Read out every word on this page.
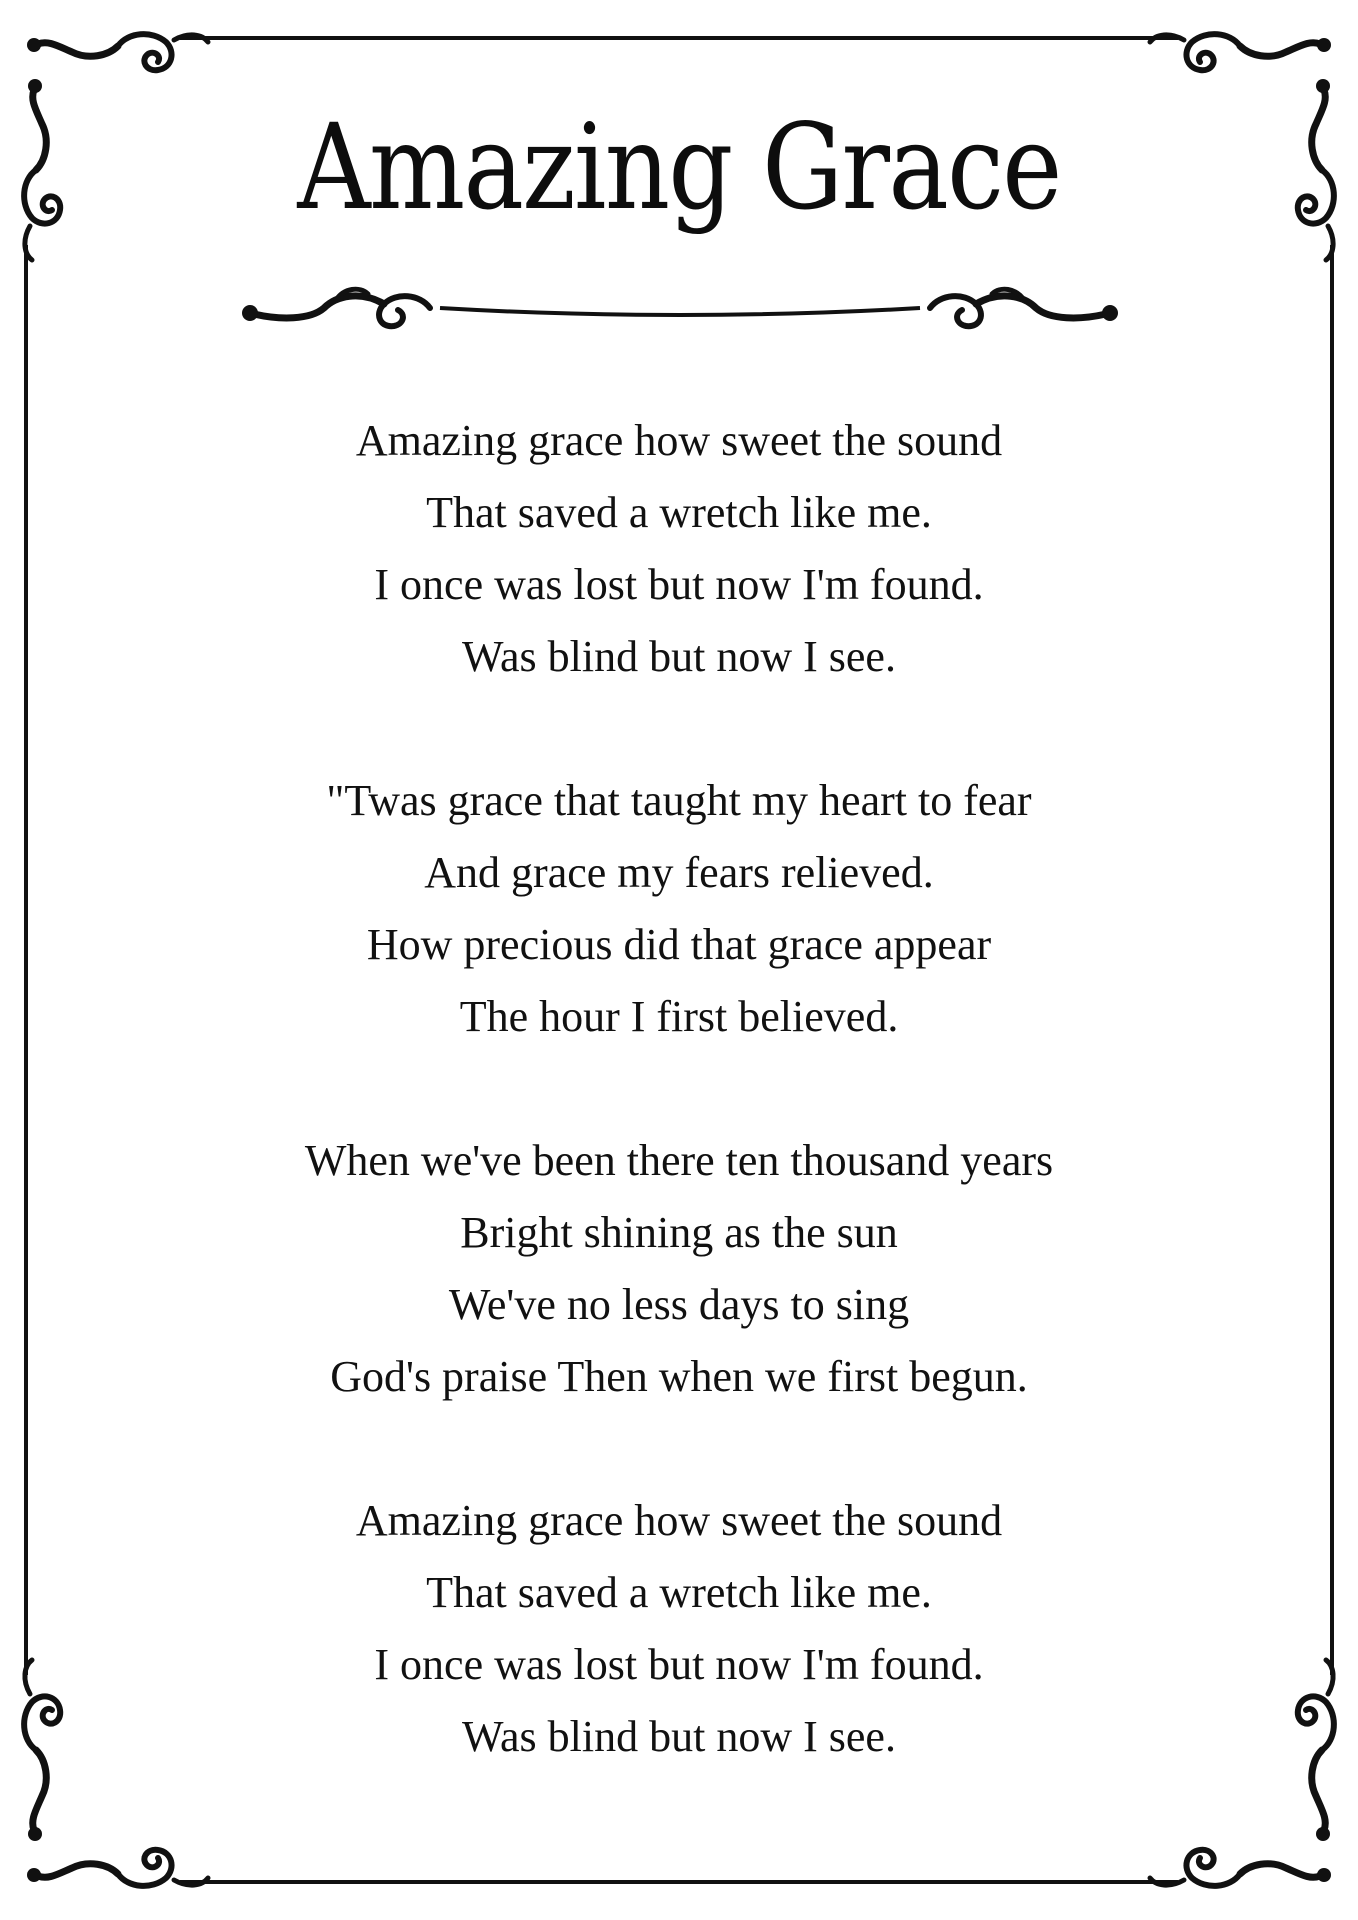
Amazing Grace
Amazing grace how sweet the sound
That saved a wretch like me.
I once was lost but now I'm found.
Was blind but now I see.
"Twas grace that taught my heart to fear
And grace my fears relieved.
How precious did that grace appear
The hour I first believed.
When we've been there ten thousand years
Bright shining as the sun
We've no less days to sing
God's praise Then when we first begun.
Amazing grace how sweet the sound
That saved a wretch like me.
I once was lost but now I'm found.
Was blind but now I see.
